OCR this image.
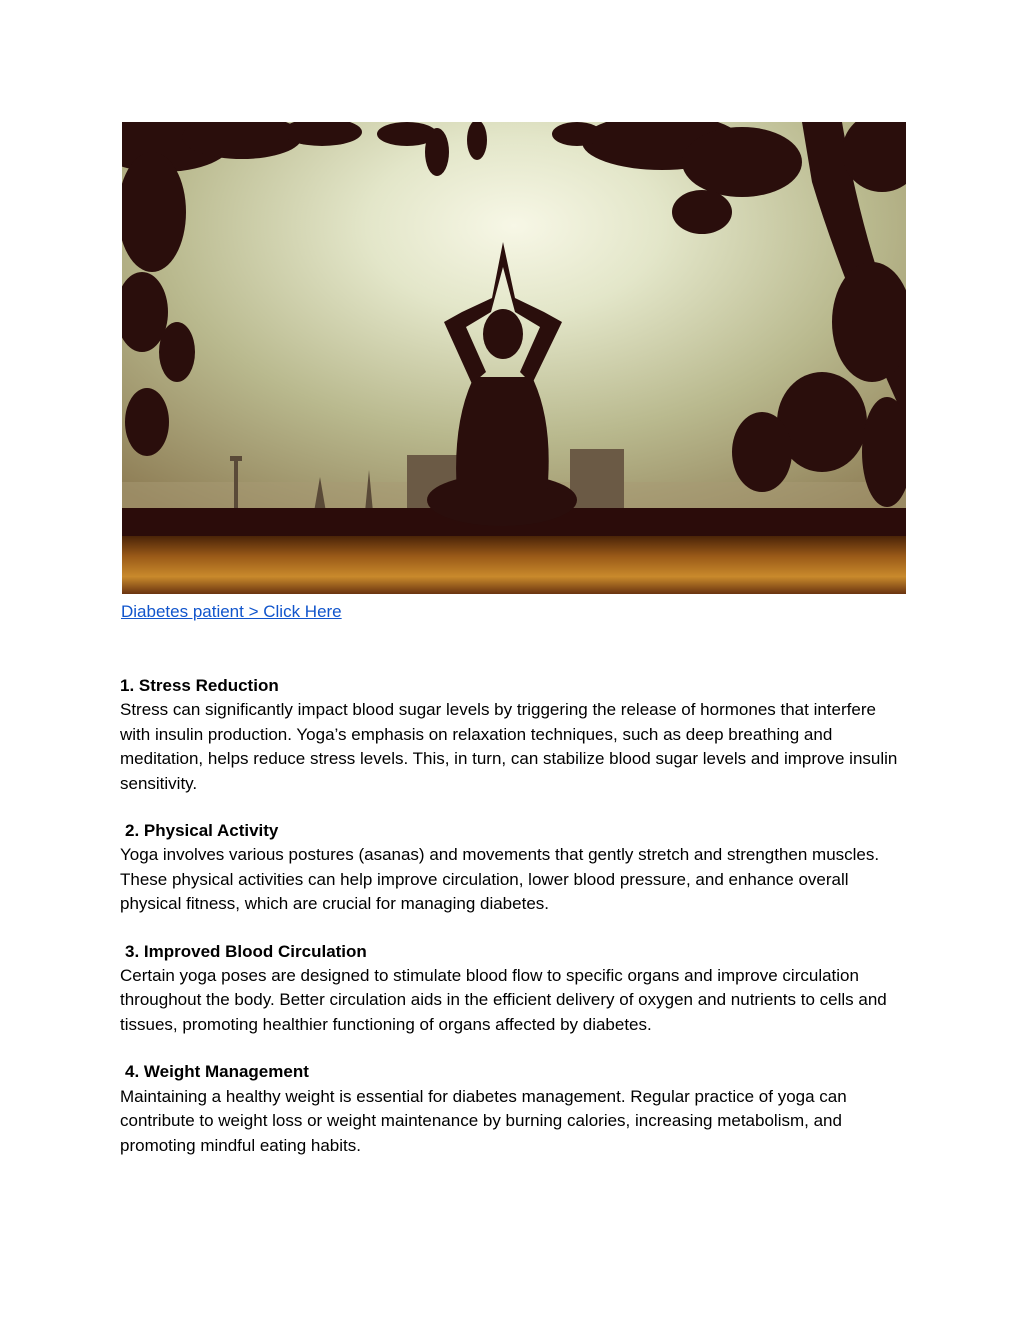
Diabetes patient > Click Here
1. Stress Reduction

Stress can significantly impact blood sugar levels by triggering the release of hormones that interfere with insulin production. Yoga’s emphasis on relaxation techniques, such as deep breathing and meditation, helps reduce stress levels. This, in turn, can stabilize blood sugar levels and improve insulin sensitivity.

2. Physical Activity

Yoga involves various postures (asanas) and movements that gently stretch and strengthen muscles. These physical activities can help improve circulation, lower blood pressure, and enhance overall physical fitness, which are crucial for managing diabetes.

3. Improved Blood Circulation

Certain yoga poses are designed to stimulate blood flow to specific organs and improve circulation throughout the body. Better circulation aids in the efficient delivery of oxygen and nutrients to cells and tissues, promoting healthier functioning of organs affected by diabetes.

4. Weight Management

Maintaining a healthy weight is essential for diabetes management. Regular practice of yoga can contribute to weight loss or weight maintenance by burning calories, increasing metabolism, and promoting mindful eating habits.
